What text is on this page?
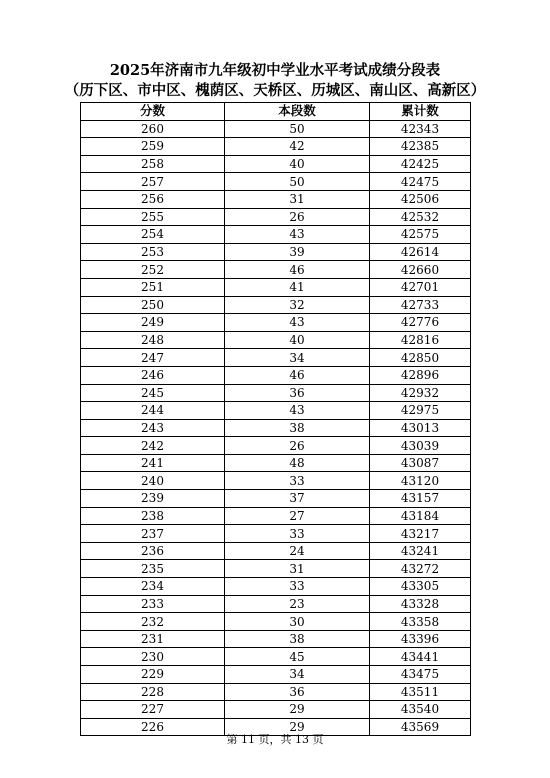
2025年济南市九年级初中学业水平考试成绩分段表
（历下区、市中区、槐荫区、天桥区、历城区、南山区、高新区）
分数	本段数	累计数
260	50	42343
259	42	42385
258	40	42425
257	50	42475
256	31	42506
255	26	42532
254	43	42575
253	39	42614
252	46	42660
251	41	42701
250	32	42733
249	43	42776
248	40	42816
247	34	42850
246	46	42896
245	36	42932
244	43	42975
243	38	43013
242	26	43039
241	48	43087
240	33	43120
239	37	43157
238	27	43184
237	33	43217
236	24	43241
235	31	43272
234	33	43305
233	23	43328
232	30	43358
231	38	43396
230	45	43441
229	34	43475
228	36	43511
227	29	43540
226	29	43569
第 11 页，共 13 页
